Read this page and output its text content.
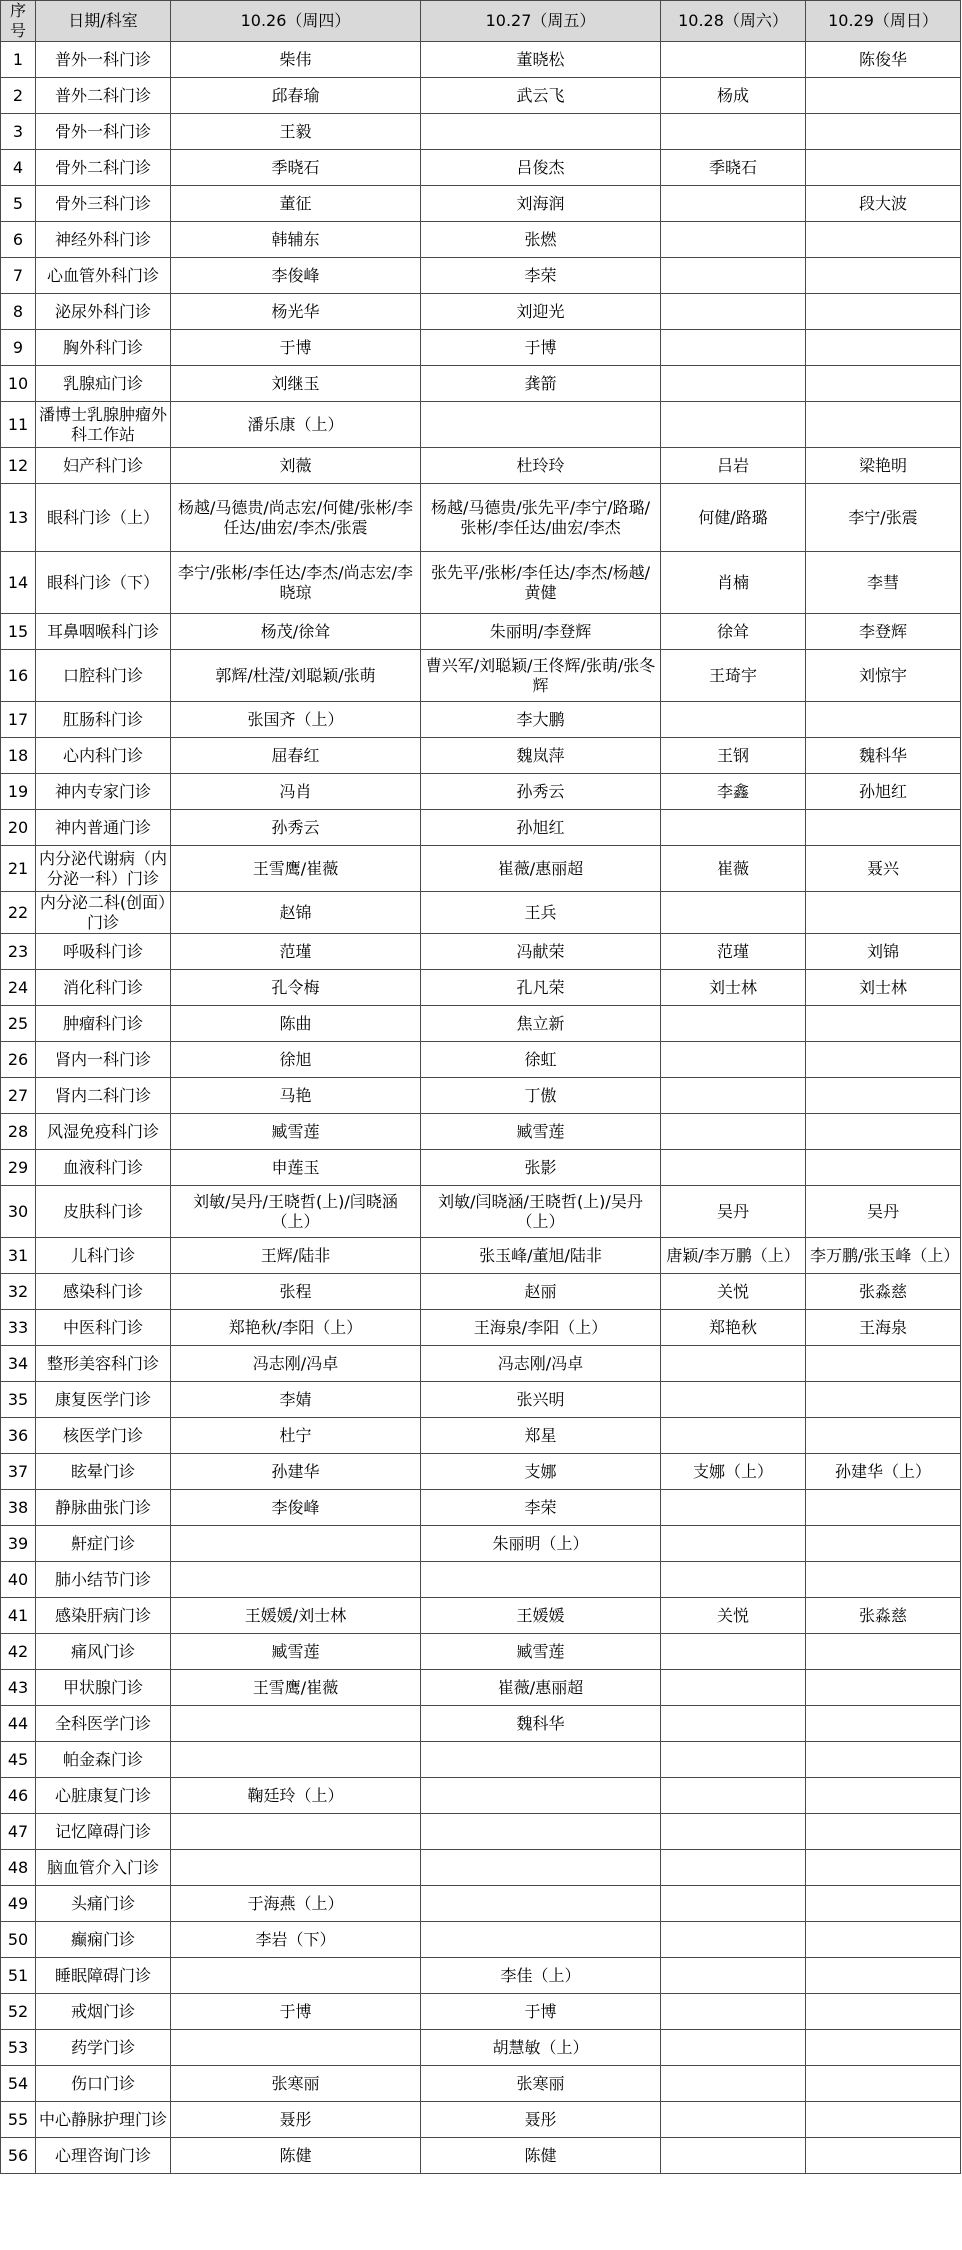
序号	日期/科室	10.26（周四）	10.27（周五）	10.28（周六）	10.29（周日）
1	普外一科门诊	柴伟	董晓松		陈俊华
2	普外二科门诊	邱春瑜	武云飞	杨成	
3	骨外一科门诊	王毅			
4	骨外二科门诊	季晓石	吕俊杰	季晓石	
5	骨外三科门诊	董征	刘海润		段大波
6	神经外科门诊	韩辅东	张燃		
7	心血管外科门诊	李俊峰	李荣		
8	泌尿外科门诊	杨光华	刘迎光		
9	胸外科门诊	于博	于博		
10	乳腺疝门诊	刘继玉	龚箭		
11	潘博士乳腺肿瘤外科工作站	潘乐康（上）			
12	妇产科门诊	刘薇	杜玲玲	吕岩	梁艳明
13	眼科门诊（上）	杨越/马德贵/尚志宏/何健/张彬/李任达/曲宏/李杰/张震	杨越/马德贵/张先平/李宁/路璐/张彬/李任达/曲宏/李杰	何健/路璐	李宁/张震
14	眼科门诊（下）	李宁/张彬/李任达/李杰/尚志宏/李晓琼	张先平/张彬/李任达/李杰/杨越/黄健	肖楠	李彗
15	耳鼻咽喉科门诊	杨茂/徐耸	朱丽明/李登辉	徐耸	李登辉
16	口腔科门诊	郭辉/杜滢/刘聪颖/张萌	曹兴军/刘聪颖/王佟辉/张萌/张冬辉	王琦宇	刘惊宇
17	肛肠科门诊	张国齐（上）	李大鹏		
18	心内科门诊	屈春红	魏岚萍	王钢	魏科华
19	神内专家门诊	冯肖	孙秀云	李鑫	孙旭红
20	神内普通门诊	孙秀云	孙旭红		
21	内分泌代谢病（内分泌一科）门诊	王雪鹰/崔薇	崔薇/惠丽超	崔薇	聂兴
22	内分泌二科(创面）门诊	赵锦	王兵		
23	呼吸科门诊	范瑾	冯献荣	范瑾	刘锦
24	消化科门诊	孔令梅	孔凡荣	刘士林	刘士林
25	肿瘤科门诊	陈曲	焦立新		
26	肾内一科门诊	徐旭	徐虹		
27	肾内二科门诊	马艳	丁傲		
28	风湿免疫科门诊	臧雪莲	臧雪莲		
29	血液科门诊	申莲玉	张影		
30	皮肤科门诊	刘敏/吴丹/王晓哲(上)/闫晓涵（上）	刘敏/闫晓涵/王晓哲(上)/吴丹（上）	吴丹	吴丹
31	儿科门诊	王辉/陆非	张玉峰/董旭/陆非	唐颖/李万鹏（上）	李万鹏/张玉峰（上）
32	感染科门诊	张程	赵丽	关悦	张淼慈
33	中医科门诊	郑艳秋/李阳（上）	王海泉/李阳（上）	郑艳秋	王海泉
34	整形美容科门诊	冯志刚/冯卓	冯志刚/冯卓		
35	康复医学门诊	李婧	张兴明		
36	核医学门诊	杜宁	郑星		
37	眩晕门诊	孙建华	支娜	支娜（上）	孙建华（上）
38	静脉曲张门诊	李俊峰	李荣		
39	鼾症门诊		朱丽明（上）		
40	肺小结节门诊				
41	感染肝病门诊	王媛媛/刘士林	王媛媛	关悦	张淼慈
42	痛风门诊	臧雪莲	臧雪莲		
43	甲状腺门诊	王雪鹰/崔薇	崔薇/惠丽超		
44	全科医学门诊		魏科华		
45	帕金森门诊				
46	心脏康复门诊	鞠廷玲（上）			
47	记忆障碍门诊				
48	脑血管介入门诊				
49	头痛门诊	于海燕（上）			
50	癫痫门诊	李岩（下）			
51	睡眠障碍门诊		李佳（上）		
52	戒烟门诊	于博	于博		
53	药学门诊		胡慧敏（上）		
54	伤口门诊	张寒丽	张寒丽		
55	中心静脉护理门诊	聂彤	聂彤		
56	心理咨询门诊	陈健	陈健		
